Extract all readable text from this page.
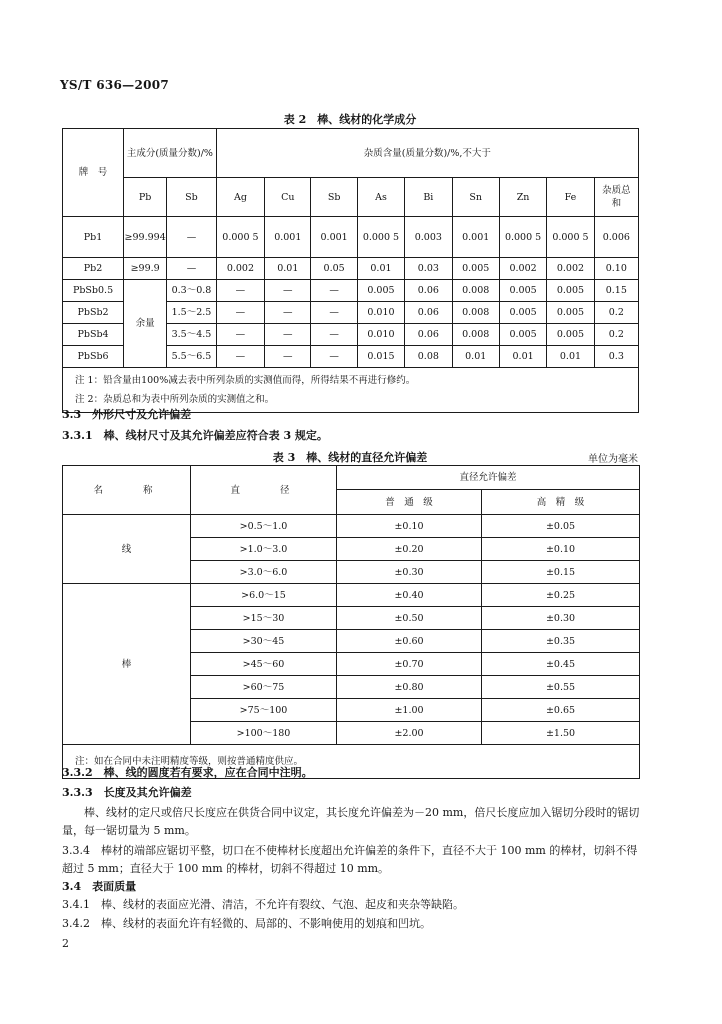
YS/T 636—2007
表 2　棒、线材的化学成分
牌　号	主成分(质量分数)/%		杂质含量(质量分数)/%,不大于								
	Pb	Sb	Ag	Cu	Sb	As	Bi	Sn	Zn	Fe	杂质总和
Pb1	≥99.994	—	0.000 5	0.001	0.001	0.000 5	0.003	0.001	0.000 5	0.000 5	0.006
Pb2	≥99.9	—	0.002	0.01	0.05	0.01	0.03	0.005	0.002	0.002	0.10
PbSb0.5	余量	0.3～0.8	—	—	—	0.005	0.06	0.008	0.005	0.005	0.15
PbSb2		1.5～2.5	—	—	—	0.010	0.06	0.008	0.005	0.005	0.2
PbSb4		3.5～4.5	—	—	—	0.010	0.06	0.008	0.005	0.005	0.2
PbSb6		5.5～6.5	—	—	—	0.015	0.08	0.01	0.01	0.01	0.3

注 1：铅含量由100%减去表中所列杂质的实测值而得，所得结果不再进行修约。
注 2：杂质总和为表中所列杂质的实测值之和。											
3.3　外形尺寸及允许偏差
3.3.1　棒、线材尺寸及其允许偏差应符合表 3 规定。
表 3　棒、线材的直径允许偏差	单位为毫米
名　　称	直　　径	直径允许偏差	
		普　通　级	高　精　级
线	>0.5～1.0	±0.10	±0.05
	>1.0～3.0	±0.20	±0.10
	>3.0～6.0	±0.30	±0.15
棒	>6.0～15	±0.40	±0.25
	>15～30	±0.50	±0.30
	>30～45	±0.60	±0.35
	>45～60	±0.70	±0.45
	>60～75	±0.80	±0.55
	>75～100	±1.00	±0.65
	>100～180	±2.00	±1.50
注：如在合同中未注明精度等级，则按普通精度供应。			
3.3.2　棒、线的圆度若有要求，应在合同中注明。
3.3.3　长度及其允许偏差
棒、线材的定尺或倍尺长度应在供货合同中议定，其长度允许偏差为－20 mm，倍尺长度应加入锯切分段时的锯切量，每一锯切量为 5 mm。
3.3.4　棒材的端部应锯切平整，切口在不使棒材长度超出允许偏差的条件下，直径不大于 100 mm 的棒材，切斜不得超过 5 mm；直径大于 100 mm 的棒材，切斜不得超过 10 mm。
3.4　表面质量
3.4.1　棒、线材的表面应光滑、清洁，不允许有裂纹、气泡、起皮和夹杂等缺陷。
3.4.2　棒、线材的表面允许有轻微的、局部的、不影响使用的划痕和凹坑。
2
